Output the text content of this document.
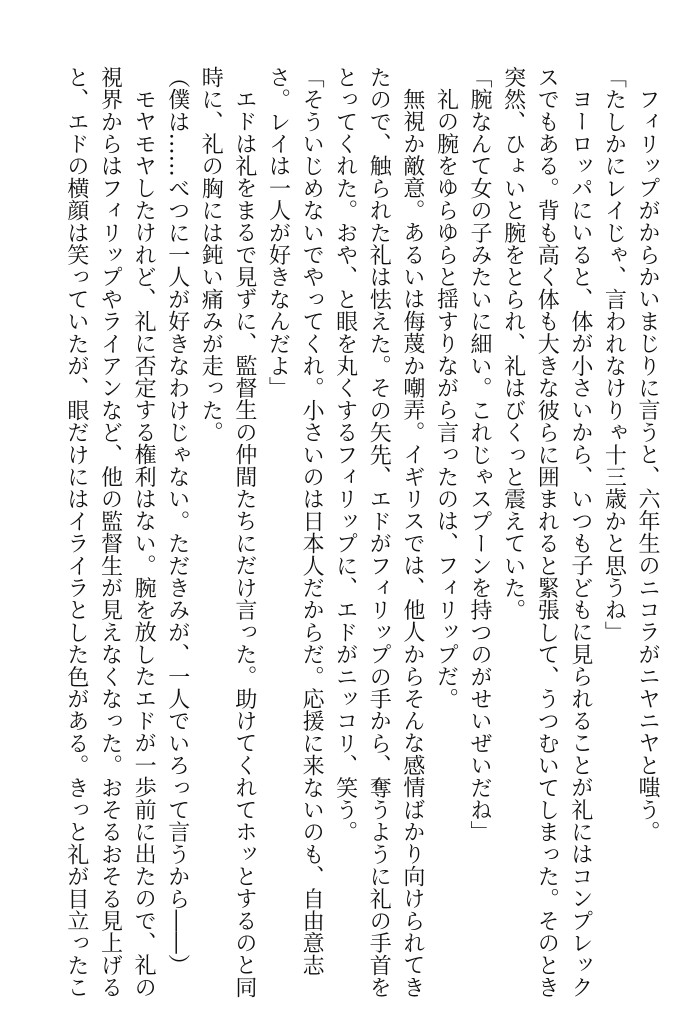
フィリップがからかいまじりに言うと、六年生のニコラがニヤニヤと嗤う。
「たしかにレイじゃ、言われなけりゃ十三歳かと思うね」
ヨーロッパにいると、体が小さいから、いつも子どもに見られることが礼にはコンプレック
スでもある。背も高く体も大きな彼らに囲まれると緊張して、うつむいてしまった。そのとき
突然、ひょいと腕をとられ、礼はびくっと震えていた。
「腕なんて女の子みたいに細い。これじゃスプーンを持つのがせいぜいだね」
礼の腕をゆらゆらと揺すりながら言ったのは、フィリップだ。
無視か敵意。あるいは侮蔑か嘲弄。イギリスでは、他人からそんな感情ばかり向けられてき
たので、触られた礼は怯えた。その矢先、エドがフィリップの手から、奪うように礼の手首を
とってくれた。おや、と眼を丸くするフィリップに、エドがニッコリ、笑う。
「そういじめないでやってくれ。小さいのは日本人だからだ。応援に来ないのも、自由意志
さ。レイは一人が好きなんだよ」
エドは礼をまるで見ずに、監督生の仲間たちにだけ言った。助けてくれてホッとするのと同
時に、礼の胸には鈍い痛みが走った。
（僕は……べつに一人が好きなわけじゃない。ただきみが、一人でいろって言うから――）
モヤモヤしたけれど、礼に否定する権利はない。腕を放したエドが一歩前に出たので、礼の
視界からはフィリップやライアンなど、他の監督生が見えなくなった。おそるおそる見上げる
と、エドの横顔は笑っていたが、眼だけにはイライラとした色がある。きっと礼が目立ったこ
